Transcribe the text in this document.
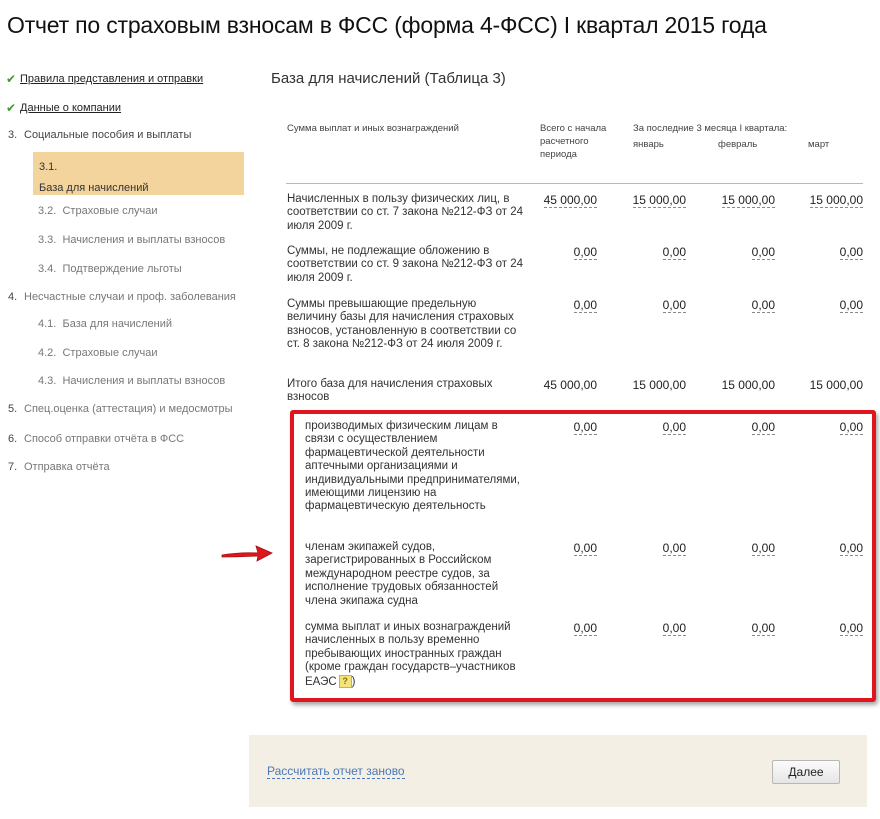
Отчет по страховым взносам в ФСС (форма 4-ФСС) I квартал 2015 года
✔ Правила представления и отправки
✔ Данные о компании
3. Социальные пособия и выплаты
3.1.
База для начислений
3.2. Страховые случаи
3.3. Начисления и выплаты взносов
3.4. Подтверждение льготы
4. Несчастные случаи и проф. заболевания
4.1. База для начислений
4.2. Страховые случаи
4.3. Начисления и выплаты взносов
5. Спец.оценка (аттестация) и медосмотры
6. Способ отправки отчёта в ФСС
7. Отправка отчёта
База для начислений (Таблица 3)
Сумма выплат и иных вознаграждений	Всего с начала расчетного периода
За последние 3 месяца I квартала:
январь	февраль	март
Начисленных в пользу физических лиц, в соответствии со ст. 7 закона №212-ФЗ от 24 июля 2009 г.
45 000,00	15 000,00	15 000,00	15 000,00
Суммы, не подлежащие обложению в соответствии со ст. 9 закона №212-ФЗ от 24 июля 2009 г.
0,00	0,00	0,00	0,00
Суммы превышающие предельную величину базы для начисления страховых взносов, установленную в соответствии со ст. 8 закона №212-ФЗ от 24 июля 2009 г.
0,00	0,00	0,00	0,00
Итого база для начисления страховых взносов
45 000,00	15 000,00	15 000,00	15 000,00
производимых физическим лицам в связи с осуществлением фармацевтической деятельности аптечными организациями и индивидуальными предпринимателями, имеющими лицензию на фармацевтическую деятельность
0,00	0,00	0,00	0,00
членам экипажей судов, зарегистрированных в Российском международном реестре судов, за исполнение трудовых обязанностей члена экипажа судна
0,00	0,00	0,00	0,00
сумма выплат и иных вознаграждений начисленных в пользу временно пребывающих иностранных граждан (кроме граждан государств–участников ЕАЭС ? )
0,00	0,00	0,00	0,00
Рассчитать отчет заново	Далее
